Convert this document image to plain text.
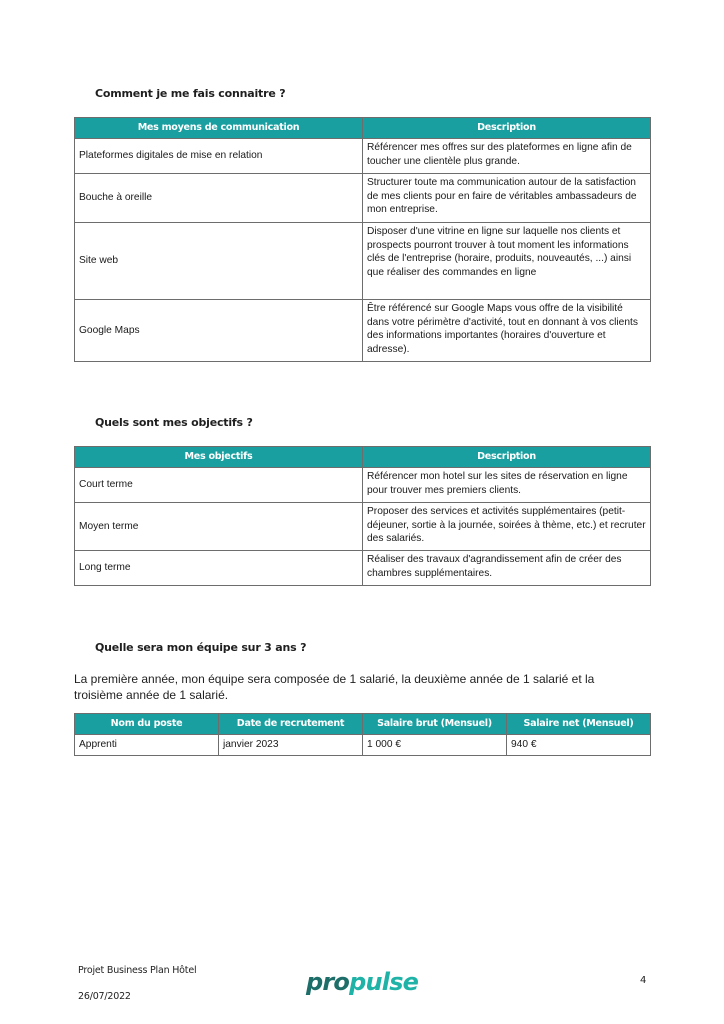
Comment je me fais connaitre ?
Mes moyens de communication	Description
Plateformes digitales de mise en relation	Référencer mes offres sur des plateformes en ligne afin de toucher une clientèle plus grande.
Bouche à oreille	Structurer toute ma communication autour de la satisfaction de mes clients pour en faire de véritables ambassadeurs de mon entreprise.
Site web	Disposer d'une vitrine en ligne sur laquelle nos clients et prospects pourront trouver à tout moment les informations clés de l'entreprise (horaire, produits, nouveautés, ...) ainsi que réaliser des commandes en ligne
Google Maps	Être référencé sur Google Maps vous offre de la visibilité dans votre périmètre d'activité, tout en donnant à vos clients des informations importantes (horaires d'ouverture et adresse).
Quels sont mes objectifs ?
Mes objectifs	Description
Court terme	Référencer mon hotel sur les sites de réservation en ligne pour trouver mes premiers clients.
Moyen terme	Proposer des services et activités supplémentaires (petit-déjeuner, sortie à la journée, soirées à thème, etc.) et recruter des salariés.
Long terme	Réaliser des travaux d'agrandissement afin de créer des chambres supplémentaires.
Quelle sera mon équipe sur 3 ans ?
La première année, mon équipe sera composée de 1 salarié, la deuxième année de 1 salarié et la troisième année de 1 salarié.
Nom du poste	Date de recrutement	Salaire brut (Mensuel)	Salaire net (Mensuel)
Apprenti	janvier 2023	1 000 €	940 €
Projet Business Plan Hôtel
26/07/2022
propulse	4
